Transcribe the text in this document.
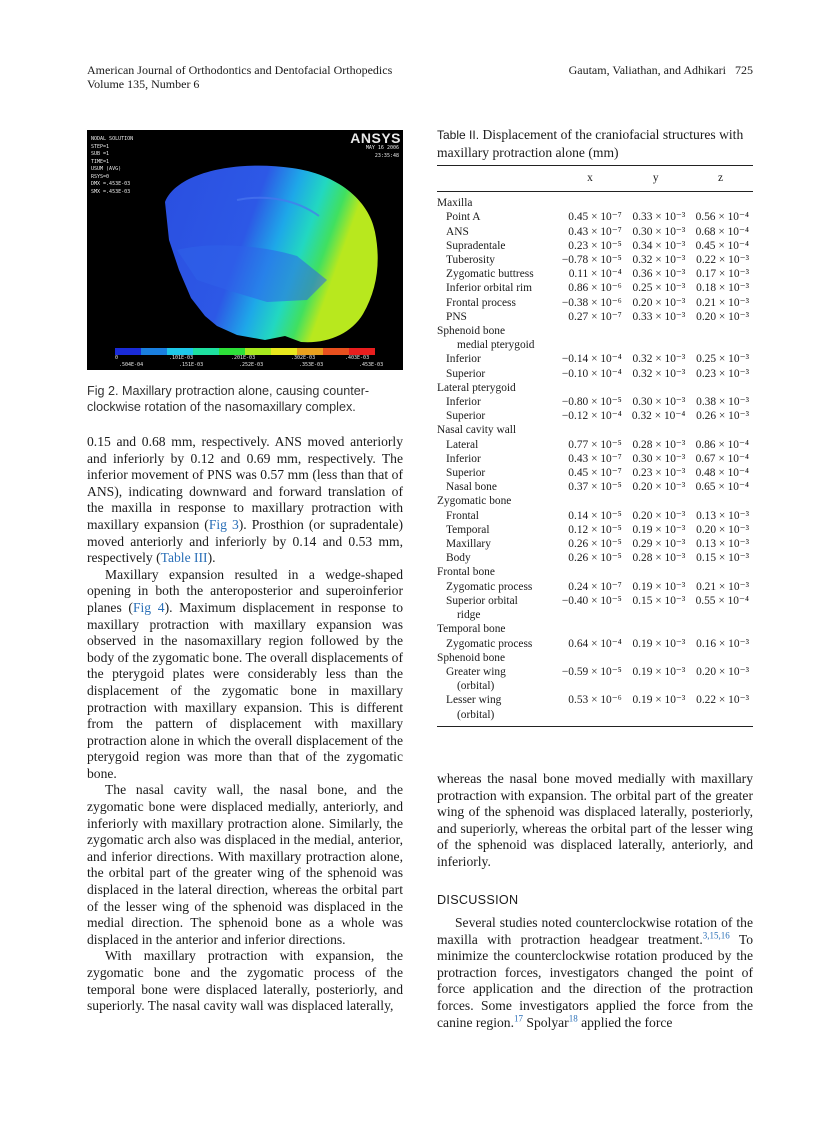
American Journal of Orthodontics and Dentofacial Orthopedics
Volume 135, Number 6
Gautam, Valiathan, and Adhikari 725
NODAL SOLUTION
STEP=1
SUB =1
TIME=1
USUM (AVG)
RSYS=0
DMX =.453E-03
SMX =.453E-03
ANSYS
MAY 16 2006
23:35:48
0	.101E-03	.201E-03	.302E-03	.403E-03
.504E-04	.151E-03	.252E-03	.353E-03	.453E-03
Fig 2. Maxillary protraction alone, causing counter-clockwise rotation of the nasomaxillary complex.

0.15 and 0.68 mm, respectively. ANS moved anteriorly and inferiorly by 0.12 and 0.69 mm, respectively. The inferior movement of PNS was 0.57 mm (less than that of ANS), indicating downward and forward translation of the maxilla in response to maxillary protraction with maxillary expansion (Fig 3). Prosthion (or supradentale) moved anteriorly and inferiorly by 0.14 and 0.53 mm, respectively (Table III).

Maxillary expansion resulted in a wedge-shaped opening in both the anteroposterior and superoinferior planes (Fig 4). Maximum displacement in response to maxillary protraction with maxillary expansion was observed in the nasomaxillary region followed by the body of the zygomatic bone. The overall displacements of the pterygoid plates were considerably less than the displacement of the zygomatic bone in maxillary protraction with maxillary expansion. This is different from the pattern of displacement with maxillary protraction alone in which the overall displacement of the pterygoid region was more than that of the zygomatic bone.

The nasal cavity wall, the nasal bone, and the zygomatic bone were displaced medially, anteriorly, and inferiorly with maxillary protraction alone. Similarly, the zygomatic arch also was displaced in the medial, anterior, and inferior directions. With maxillary protraction alone, the orbital part of the greater wing of the sphenoid was displaced in the lateral direction, whereas the orbital part of the lesser wing of the sphenoid was displaced in the medial direction. The sphenoid bone as a whole was displaced in the anterior and inferior directions.

With maxillary protraction with expansion, the zygomatic bone and the zygomatic process of the temporal bone were displaced laterally, posteriorly, and superiorly. The nasal cavity wall was displaced laterally,

Table II. Displacement of the craniofacial structures with maxillary protraction alone (mm)
	x	y	z
Maxilla			
Point A	0.45 × 10⁻⁷	0.33 × 10⁻³	0.56 × 10⁻⁴
ANS	0.43 × 10⁻⁷	0.30 × 10⁻³	0.68 × 10⁻⁴
Supradentale	0.23 × 10⁻⁵	0.34 × 10⁻³	0.45 × 10⁻⁴
Tuberosity	−0.78 × 10⁻⁵	0.32 × 10⁻³	0.22 × 10⁻³
Zygomatic buttress	0.11 × 10⁻⁴	0.36 × 10⁻³	0.17 × 10⁻³
Inferior orbital rim	0.86 × 10⁻⁶	0.25 × 10⁻³	0.18 × 10⁻³
Frontal process	−0.38 × 10⁻⁶	0.20 × 10⁻³	0.21 × 10⁻³
PNS	0.27 × 10⁻⁷	0.33 × 10⁻³	0.20 × 10⁻³
Sphenoid bone			
medial pterygoid			
Inferior	−0.14 × 10⁻⁴	0.32 × 10⁻³	0.25 × 10⁻³
Superior	−0.10 × 10⁻⁴	0.32 × 10⁻³	0.23 × 10⁻³
Lateral pterygoid			
Inferior	−0.80 × 10⁻⁵	0.30 × 10⁻³	0.38 × 10⁻³
Superior	−0.12 × 10⁻⁴	0.32 × 10⁻⁴	0.26 × 10⁻³
Nasal cavity wall			
Lateral	0.77 × 10⁻⁵	0.28 × 10⁻³	0.86 × 10⁻⁴
Inferior	0.43 × 10⁻⁷	0.30 × 10⁻³	0.67 × 10⁻⁴
Superior	0.45 × 10⁻⁷	0.23 × 10⁻³	0.48 × 10⁻⁴
Nasal bone	0.37 × 10⁻⁵	0.20 × 10⁻³	0.65 × 10⁻⁴
Zygomatic bone			
Frontal	0.14 × 10⁻⁵	0.20 × 10⁻³	0.13 × 10⁻³
Temporal	0.12 × 10⁻⁵	0.19 × 10⁻³	0.20 × 10⁻³
Maxillary	0.26 × 10⁻⁵	0.29 × 10⁻³	0.13 × 10⁻³
Body	0.26 × 10⁻⁵	0.28 × 10⁻³	0.15 × 10⁻³
Frontal bone			
Zygomatic process	0.24 × 10⁻⁷	0.19 × 10⁻³	0.21 × 10⁻³
Superior orbital	−0.40 × 10⁻⁵	0.15 × 10⁻³	0.55 × 10⁻⁴
ridge			
Temporal bone			
Zygomatic process	0.64 × 10⁻⁴	0.19 × 10⁻³	0.16 × 10⁻³
Sphenoid bone			
Greater wing	−0.59 × 10⁻⁵	0.19 × 10⁻³	0.20 × 10⁻³
(orbital)			
Lesser wing	0.53 × 10⁻⁶	0.19 × 10⁻³	0.22 × 10⁻³
(orbital)			

whereas the nasal bone moved medially with maxillary protraction with expansion. The orbital part of the greater wing of the sphenoid was displaced laterally, posteriorly, and superiorly, whereas the orbital part of the lesser wing of the sphenoid was displaced laterally, anteriorly, and inferiorly.

DISCUSSION

Several studies noted counterclockwise rotation of the maxilla with protraction headgear treatment.$^{3,15,16}$ To minimize the counterclockwise rotation produced by the protraction forces, investigators changed the point of force application and the direction of the protraction forces. Some investigators applied the force from the canine region.$^{17}$ Spolyar$^{18}$ applied the force
